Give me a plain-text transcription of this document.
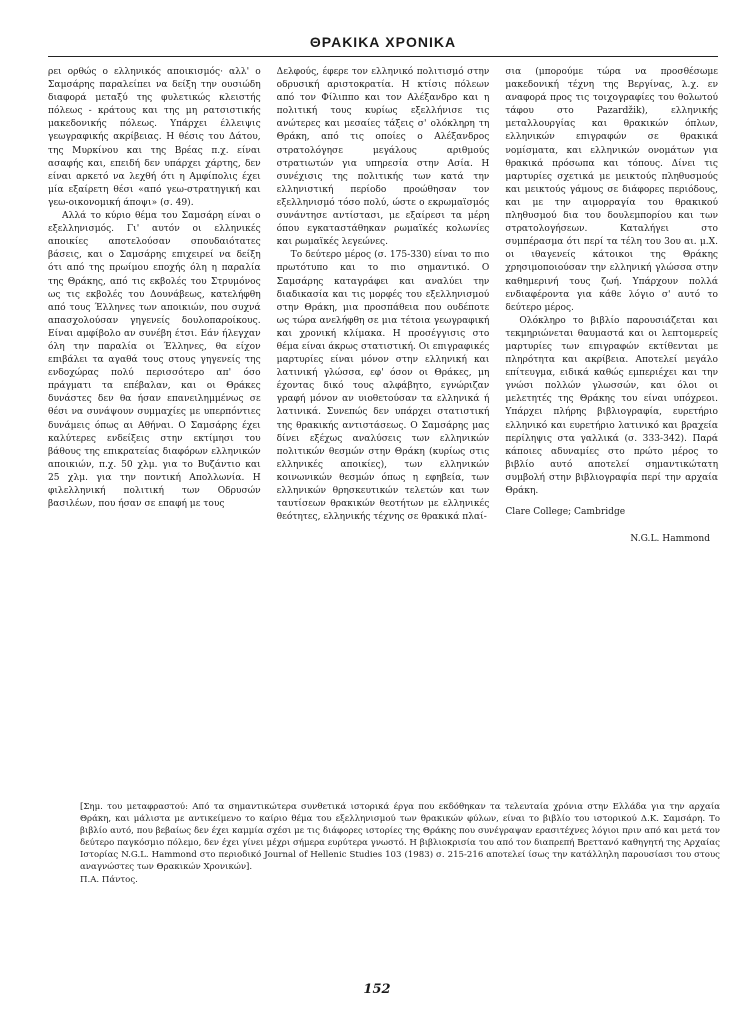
ΘΡΑΚΙΚΑ ΧΡΟΝΙΚΑ

ρει ορθώς ο ελληνικός αποικισμός· αλλ' ο Σαμσάρης παραλείπει να δείξη την ουσιώδη διαφορά μεταξύ της φυλετικώς κλειστής πόλεως - κράτους και της μη ρατσιστικής μακεδονικής πόλεως. Υπάρχει έλλειψις γεωγραφικής ακρίβειας. Η θέσις του Δάτου, της Μυρκίνου και της Βρέας π.χ. είναι ασαφής και, επειδή δεν υπάρχει χάρτης, δεν είναι αρκετό να λεχθή ότι η Αμφίπολις έχει μία εξαίρετη θέσι «από γεω-στρατηγική και γεω-οικονομική άποψι» (σ. 49).

Αλλά το κύριο θέμα του Σαμσάρη είναι ο εξελληνισμός. Γι' αυτόν οι ελληνικές αποικίες αποτελούσαν σπουδαιότατες βάσεις, και ο Σαμσάρης επιχειρεί να δείξη ότι από της πρωίμου εποχής όλη η παραλία της Θράκης, από τις εκβολές του Στρυμόνος ως τις εκβολές του Δουνάβεως, κατελήφθη από τους Έλληνες των αποικιών, που συχνά απασχολούσαν γηγενείς δουλοπαροίκους. Είναι αμφίβολο αν συνέβη έτσι. Εάν ήλεγχαν όλη την παραλία οι Έλληνες, θα είχον επιβάλει τα αγαθά τους στους γηγενείς της ενδοχώρας πολύ περισσότερο απ' όσο πράγματι τα επέβαλαν, και οι Θράκες δυνάστες δεν θα ήσαν επανειλημμένως σε θέσι να συνάψουν συμμαχίες με υπερπόντιες δυνάμεις όπως αι Αθήναι. Ο Σαμσάρης έχει καλύτερες ενδείξεις στην εκτίμησι του βάθους της επικρατείας διαφόρων ελληνικών αποικιών, π.χ. 50 χλμ. για το Βυζάντιο και 25 χλμ. για την ποντική Απολλωνία. Η φιλελληνική πολιτική των Οδρυσών βασιλέων, που ήσαν σε επαφή με τους

Δελφούς, έφερε τον ελληνικό πολιτισμό στην οδρυσική αριστοκρατία. Η κτίσις πόλεων από τον Φίλιππο και τον Αλέξανδρο και η πολιτική τους κυρίως εξελλήνισε τις ανώτερες και μεσαίες τάξεις σ' ολόκληρη τη Θράκη, από τις οποίες ο Αλέξανδρος στρατολόγησε μεγάλους αριθμούς στρατιωτών για υπηρεσία στην Ασία. Η συνέχισις της πολιτικής των κατά την ελληνιστική περίοδο προώθησαν τον εξελληνισμό τόσο πολύ, ώστε ο εκρωμαϊσμός συνάντησε αντίστασι, με εξαίρεσι τα μέρη όπου εγκαταστάθηκαν ρωμαϊκές κολωνίες και ρωμαϊκές λεγεώνες.

Το δεύτερο μέρος (σ. 175-330) είναι το πιο πρωτότυπο και το πιο σημαντικό. Ο Σαμσάρης καταγράφει και αναλύει την διαδικασία και τις μορφές του εξελληνισμού στην Θράκη, μια προσπάθεια που ουδέποτε ως τώρα ανελήφθη σε μια τέτοια γεωγραφική και χρονική κλίμακα. Η προσέγγισις στο θέμα είναι άκρως στατιστική. Οι επιγραφικές μαρτυρίες είναι μόνον στην ελληνική και λατινική γλώσσα, εφ' όσον οι Θράκες, μη έχοντας δικό τους αλφάβητο, εγνώριζαν γραφή μόνον αν υιοθετούσαν τα ελληνικά ή λατινικά. Συνεπώς δεν υπάρχει στατιστική της θρακικής αντιστάσεως. Ο Σαμσάρης μας δίνει εξέχως αναλύσεις των ελληνικών πολιτικών θεσμών στην Θράκη (κυρίως στις ελληνικές αποικίες), των ελληνικών κοινωνικών θεσμών όπως η εφηβεία, των ελληνικών θρησκευτικών τελετών και των ταυτίσεων θρακικών θεοτήτων με ελληνικές θεότητες, ελληνικής τέχνης σε θρακικά πλαί-

σια (μπορούμε τώρα να προσθέσωμε μακεδονική τέχνη της Βεργίνας, λ.χ. εν αναφορά προς τις τοιχογραφίες του θολωτού τάφου στο Pazardžik), ελληνικής μεταλλουργίας και θρακικών όπλων, ελληνικών επιγραφών σε θρακικά νομίσματα, και ελληνικών ονομάτων για θρακικά πρόσωπα και τόπους. Δίνει τις μαρτυρίες σχετικά με μεικτούς πληθυσμούς και μεικτούς γάμους σε διάφορες περιόδους, και με την αιμορραγία του θρακικού πληθυσμού δια του δουλεμπορίου και των στρατολογήσεων. Καταλήγει στο συμπέρασμα ότι περί τα τέλη του 3ου αι. μ.Χ. οι ιθαγενείς κάτοικοι της Θράκης χρησιμοποιούσαν την ελληνική γλώσσα στην καθημερινή τους ζωή. Υπάρχουν πολλά ενδιαφέροντα για κάθε λόγιο σ' αυτό το δεύτερο μέρος.

Ολόκληρο το βιβλίο παρουσιάζεται και τεκμηριώνεται θαυμαστά και οι λεπτομερείς μαρτυρίες των επιγραφών εκτίθενται με πληρότητα και ακρίβεια. Αποτελεί μεγάλο επίτευγμα, ειδικά καθώς εμπεριέχει και την γνώσι πολλών γλωσσών, και όλοι οι μελετητές της Θράκης του είναι υπόχρεοι. Υπάρχει πλήρης βιβλιογραφία, ευρετήριο ελληνικό και ευρετήριο λατινικό και βραχεία περίληψις στα γαλλικά (σ. 333-342). Παρά κάποιες αδυναμίες στο πρώτο μέρος το βιβλίο αυτό αποτελεί σημαντικώτατη συμβολή στην βιβλιογραφία περί την αρχαία Θράκη.

Clare College; Cambridge

N.G.L. Hammond

[Σημ. του μεταφραστού: Από τα σημαντικώτερα συνθετικά ιστορικά έργα που εκδόθηκαν τα τελευταία χρόνια στην Ελλάδα για την αρχαία Θράκη, και μάλιστα με αντικείμενο το καίριο θέμα του εξελληνισμού των θρακικών φύλων, είναι το βιβλίο του ιστορικού Δ.Κ. Σαμσάρη. Το βιβλίο αυτό, που βεβαίως δεν έχει καμμία σχέσι με τις διάφορες ιστορίες της Θράκης που συνέγραψαν ερασιτέχνες λόγιοι πριν από και μετά τον δεύτερο παγκόσμιο πόλεμο, δεν έχει γίνει μέχρι σήμερα ευρύτερα γνωστό. Η βιβλιοκρισία του από τον διαπρεπή Βρεττανό καθηγητή της Αρχαίας Ιστορίας N.G.L. Hammond στο περιοδικό Journal of Hellenic Studies 103 (1983) σ. 215-216 αποτελεί ίσως την κατάλληλη παρουσίασι του στους αναγνώστες των Θρακικών Χρονικών].

Π.Α. Πάντος.

152
